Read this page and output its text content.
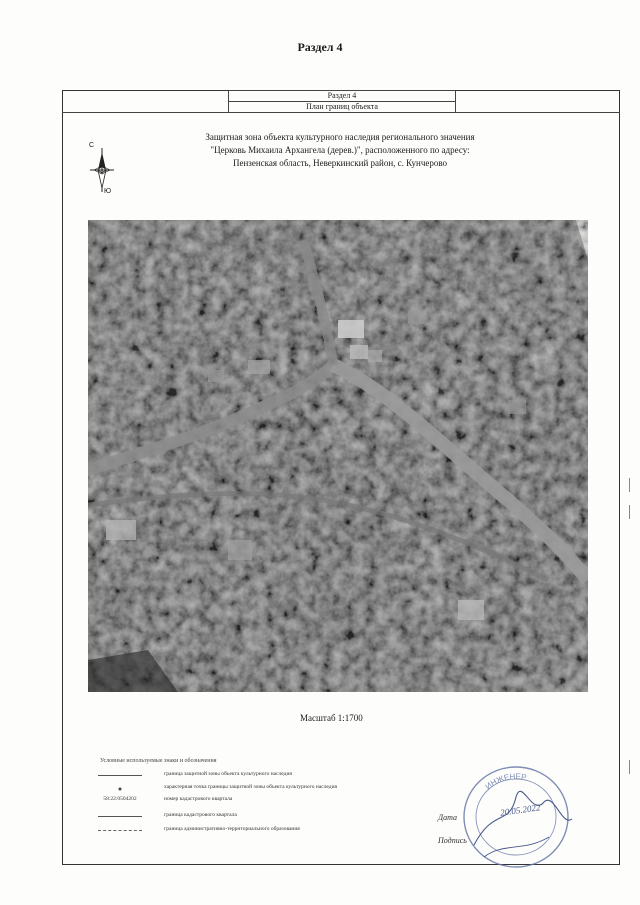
Раздел 4
Раздел 4
План границ объекта
Защитная зона объекта культурного наследия регионального значения
"Церковь Михаила Архангела (дерев.)", расположенного по адресу:
Пензенская область, Неверкинский район, с. Кунчерово
С
Ю
Масштаб 1:1700
Условные используемые знаки и обозначения
граница защитной зоны объекта культурного наследия
характерная точка границы защитной зоны объекта культурного наследия
58:22:0504202	номер кадастрового квартала
граница кадастрового квартала
граница административно-территориального образования
Дата
Подпись
ИНЖЕНЕР
20.05.2022
